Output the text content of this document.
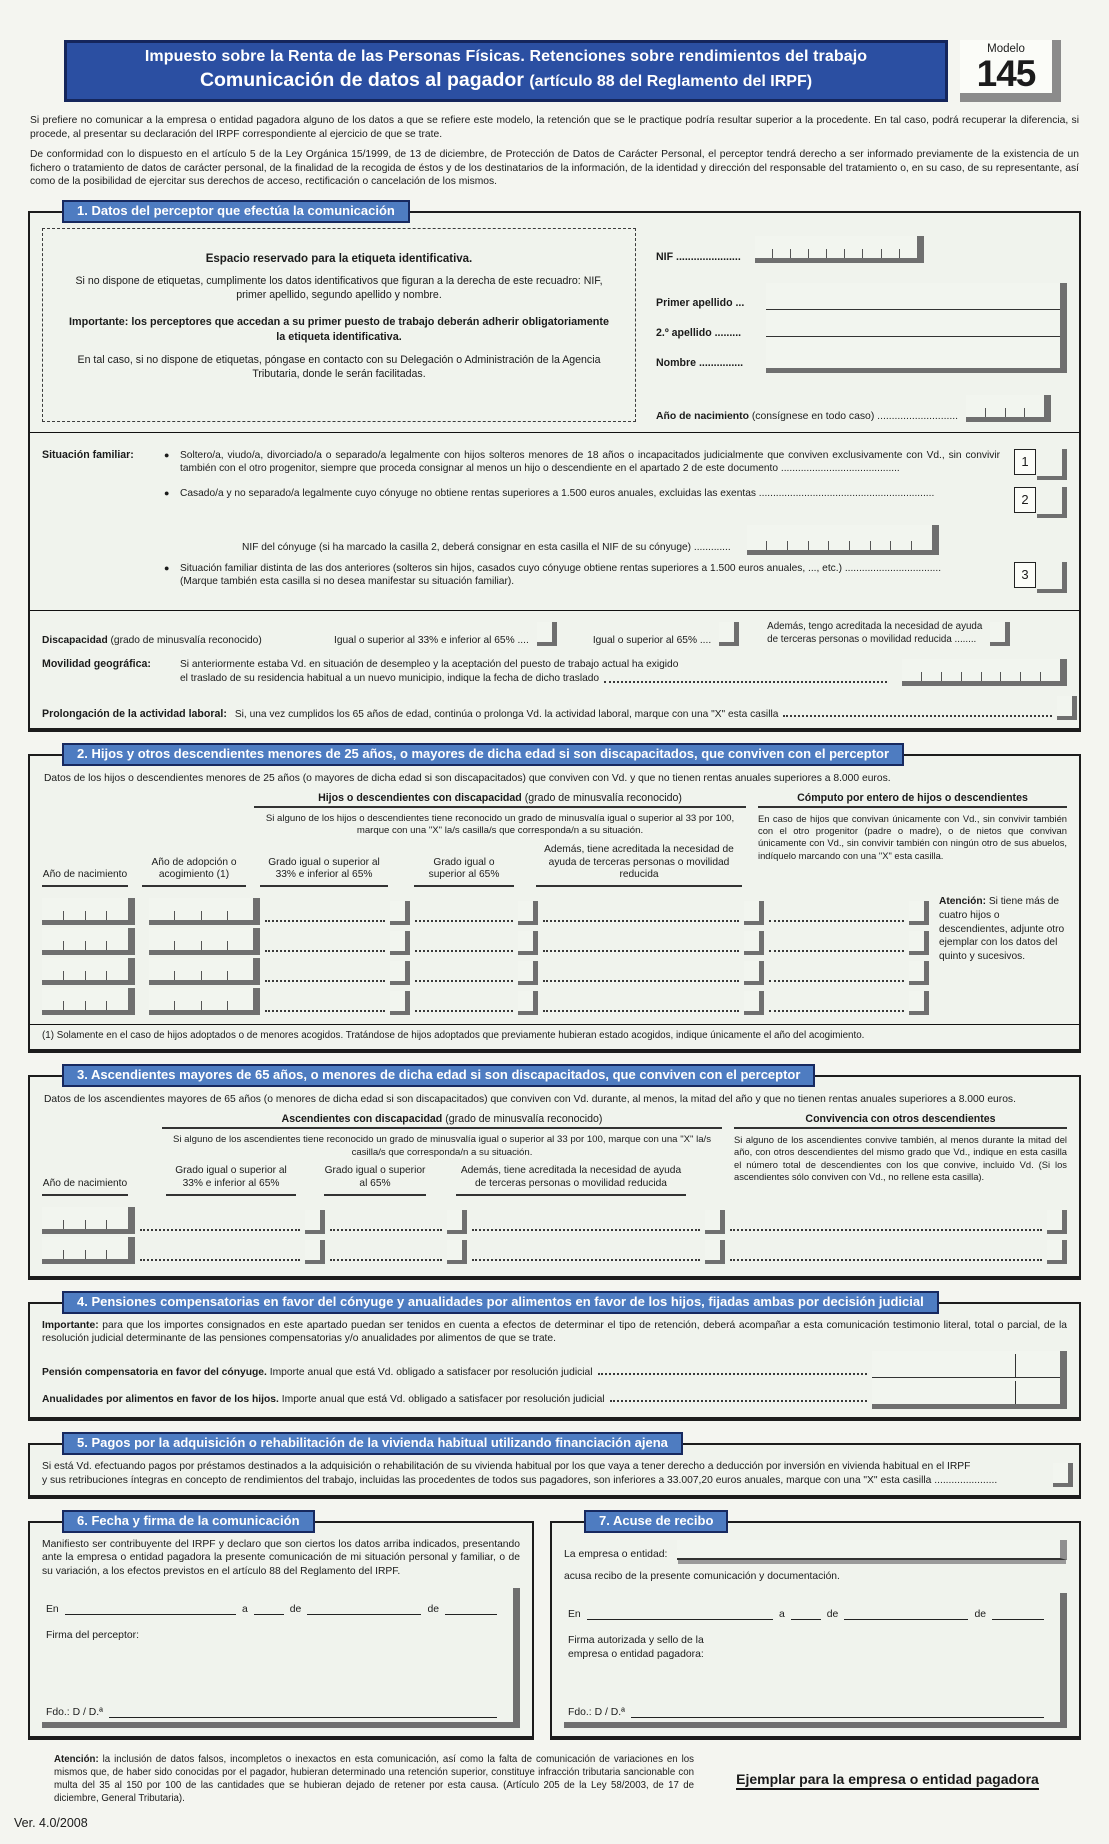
Impuesto sobre la Renta de las Personas Físicas. Retenciones sobre rendimientos del trabajo
Comunicación de datos al pagador (artículo 88 del Reglamento del IRPF)
Modelo
145

Si prefiere no comunicar a la empresa o entidad pagadora alguno de los datos a que se refiere este modelo, la retención que se le practique podría resultar superior a la procedente. En tal caso, podrá recuperar la diferencia, si procede, al presentar su declaración del IRPF correspondiente al ejercicio de que se trate.

De conformidad con lo dispuesto en el artículo 5 de la Ley Orgánica 15/1999, de 13 de diciembre, de Protección de Datos de Carácter Personal, el perceptor tendrá derecho a ser informado previamente de la existencia de un fichero o tratamiento de datos de carácter personal, de la finalidad de la recogida de éstos y de los destinatarios de la información, de la identidad y dirección del responsable del tratamiento o, en su caso, de su representante, así como de la posibilidad de ejercitar sus derechos de acceso, rectificación o cancelación de los mismos.

1. Datos del perceptor que efectúa la comunicación
Espacio reservado para la etiqueta identificativa.
Si no dispone de etiquetas, cumplimente los datos identificativos que figuran a la derecha de este recuadro: NIF, primer apellido, segundo apellido y nombre.
Importante: los perceptores que accedan a su primer puesto de trabajo deberán adherir obligatoriamente la etiqueta identificativa.
En tal caso, si no dispone de etiquetas, póngase en contacto con su Delegación o Administración de la Agencia Tributaria, donde le serán facilitadas.
NIF ......................
Primer apellido ...
2.º apellido .........
Nombre ...............
Año de nacimiento (consígnese en todo caso) ............................
Situación familiar:	●	Soltero/a, viudo/a, divorciado/a o separado/a legalmente con hijos solteros menores de 18 años o incapacitados judicialmente que conviven exclusivamente con Vd., sin convivir también con el otro progenitor, siempre que proceda consignar al menos un hijo o descendiente en el apartado 2 de este documento ..........................................	1
●	Casado/a y no separado/a legalmente cuyo cónyuge no obtiene rentas superiores a 1.500 euros anuales, excluidas las exentas ..............................................................	2
NIF del cónyuge (si ha marcado la casilla 2, deberá consignar en esta casilla el NIF de su cónyuge) .............
●	Situación familiar distinta de las dos anteriores (solteros sin hijos, casados cuyo cónyuge obtiene rentas superiores a 1.500 euros anuales, ..., etc.) ..................................
(Marque también esta casilla si no desea manifestar su situación familiar).	3
Discapacidad (grado de minusvalía reconocido)	Igual o superior al 33% e inferior al 65% ....	Igual o superior al 65% ....
Además, tengo acreditada la necesidad de ayuda
de terceras personas o movilidad reducida ........
Movilidad geográfica:	Si anteriormente estaba Vd. en situación de desempleo y la aceptación del puesto de trabajo actual ha exigido
el traslado de su residencia habitual a un nuevo municipio, indique la fecha de dicho traslado
Prolongación de la actividad laboral: Si, una vez cumplidos los 65 años de edad, continúa o prolonga Vd. la actividad laboral, marque con una "X" esta casilla
2. Hijos y otros descendientes menores de 25 años, o mayores de dicha edad si son discapacitados, que conviven con el perceptor
Datos de los hijos o descendientes menores de 25 años (o mayores de dicha edad si son discapacitados) que conviven con Vd. y que no tienen rentas anuales superiores a 8.000 euros.
Año de nacimiento
Año de adopción o acogimiento (1)
Hijos o descendientes con discapacidad (grado de minusvalía reconocido)
Si alguno de los hijos o descendientes tiene reconocido un grado de minusvalía igual o superior al 33 por 100, marque con una "X" la/s casilla/s que corresponda/n a su situación.
Grado igual o superior al 33% e inferior al 65%
Grado igual o superior al 65%
Además, tiene acreditada la necesidad de ayuda de terceras personas o movilidad reducida
Cómputo por entero de hijos o descendientes
En caso de hijos que convivan únicamente con Vd., sin convivir también con el otro progenitor (padre o madre), o de nietos que convivan únicamente con Vd., sin convivir también con ningún otro de sus abuelos, indíquelo marcando con una "X" esta casilla.
Atención: Si tiene más de cuatro hijos o descendientes, adjunte otro ejemplar con los datos del quinto y sucesivos.
(1) Solamente en el caso de hijos adoptados o de menores acogidos. Tratándose de hijos adoptados que previamente hubieran estado acogidos, indique únicamente el año del acogimiento.
3. Ascendientes mayores de 65 años, o menores de dicha edad si son discapacitados, que conviven con el perceptor
Datos de los ascendientes mayores de 65 años (o menores de dicha edad si son discapacitados) que conviven con Vd. durante, al menos, la mitad del año y que no tienen rentas anuales superiores a 8.000 euros.
Año de nacimiento
Ascendientes con discapacidad (grado de minusvalía reconocido)
Si alguno de los ascendientes tiene reconocido un grado de minusvalía igual o superior al 33 por 100, marque con una "X" la/s casilla/s que corresponda/n a su situación.
Grado igual o superior al 33% e inferior al 65%
Grado igual o superior al 65%
Además, tiene acreditada la necesidad de ayuda de terceras personas o movilidad reducida
Convivencia con otros descendientes
Si alguno de los ascendientes convive también, al menos durante la mitad del año, con otros descendientes del mismo grado que Vd., indique en esta casilla el número total de descendientes con los que convive, incluido Vd. (Si los ascendientes sólo conviven con Vd., no rellene esta casilla).
4. Pensiones compensatorias en favor del cónyuge y anualidades por alimentos en favor de los hijos, fijadas ambas por decisión judicial
Importante: para que los importes consignados en este apartado puedan ser tenidos en cuenta a efectos de determinar el tipo de retención, deberá acompañar a esta comunicación testimonio literal, total o parcial, de la resolución judicial determinante de las pensiones compensatorias y/o anualidades por alimentos de que se trate.
Pensión compensatoria en favor del cónyuge. Importe anual que está Vd. obligado a satisfacer por resolución judicial
Anualidades por alimentos en favor de los hijos. Importe anual que está Vd. obligado a satisfacer por resolución judicial
5. Pagos por la adquisición o rehabilitación de la vivienda habitual utilizando financiación ajena
Si está Vd. efectuando pagos por préstamos destinados a la adquisición o rehabilitación de su vivienda habitual por los que vaya a tener derecho a deducción por inversión en vivienda habitual en el IRPF
y sus retribuciones íntegras en concepto de rendimientos del trabajo, incluidas las procedentes de todos sus pagadores, son inferiores a 33.007,20 euros anuales, marque con una "X" esta casilla ......................
6. Fecha y firma de la comunicación
Manifiesto ser contribuyente del IRPF y declaro que son ciertos los datos arriba indicados, presentando ante la empresa o entidad pagadora la presente comunicación de mi situación personal y familiar, o de su variación, a los efectos previstos en el artículo 88 del Reglamento del IRPF.
En	a	de	de
Firma del perceptor:
Fdo.: D / D.ª
7. Acuse de recibo
La empresa o entidad:
acusa recibo de la presente comunicación y documentación.
En	a	de	de
Firma autorizada y sello de la
empresa o entidad pagadora:
Fdo.: D / D.ª
Atención: la inclusión de datos falsos, incompletos o inexactos en esta comunicación, así como la falta de comunicación de variaciones en los mismos que, de haber sido conocidas por el pagador, hubieran determinado una retención superior, constituye infracción tributaria sancionable con multa del 35 al 150 por 100 de las cantidades que se hubieran dejado de retener por esta causa. (Artículo 205 de la Ley 58/2003, de 17 de diciembre, General Tributaria).
Ejemplar para la empresa o entidad pagadora
Ver. 4.0/2008
